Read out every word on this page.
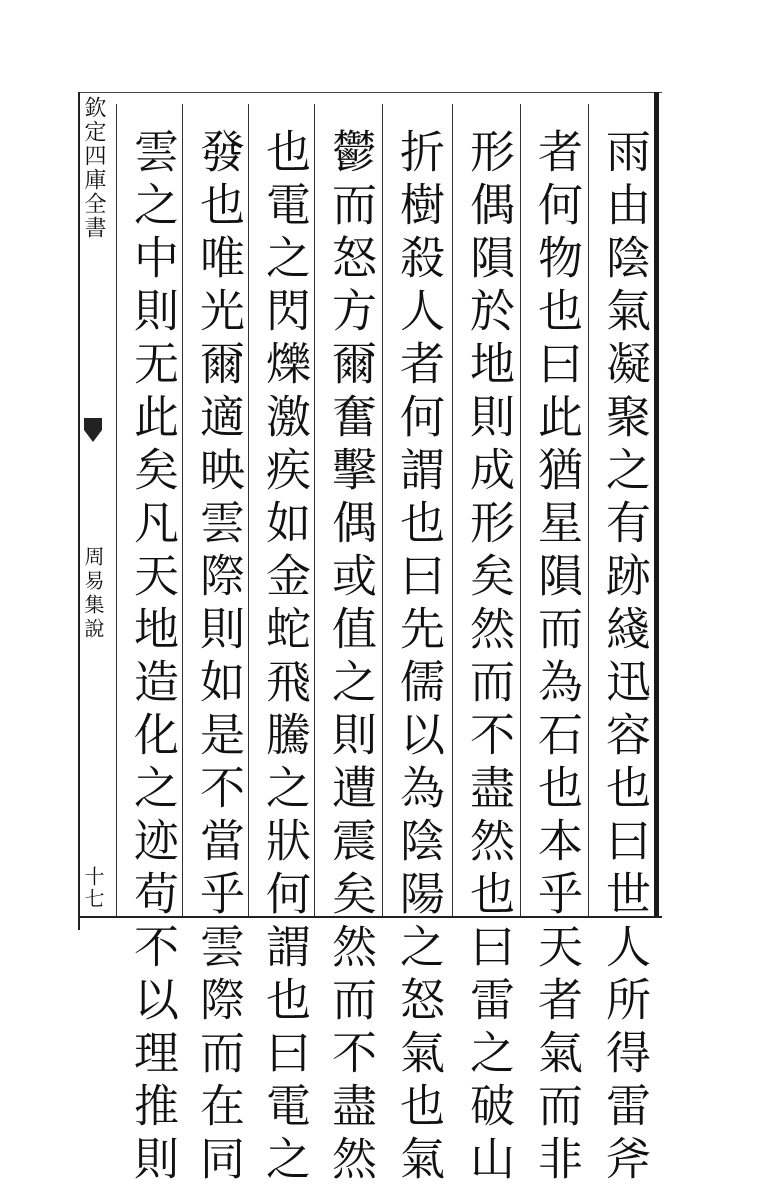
欽定四庫全書
周易集說
十七	雨由陰氣凝聚之有跡綫迅容也曰世人所得雷斧
者何物也曰此猶星隕而為石也本乎天者氣而非
形偶隕於地則成形矣然而不盡然也曰雷之破山
折樹殺人者何謂也曰先儒以為陰陽之怒氣也氣
鬱而怒方爾奮擊偶或值之則遭震矣然而不盡然
也電之閃爍激疾如金蛇飛騰之狀何謂也曰電之
發也唯光爾適映雲際則如是不當乎雲際而在同
雲之中則无此矣凡天地造化之迹苟不以理推則
